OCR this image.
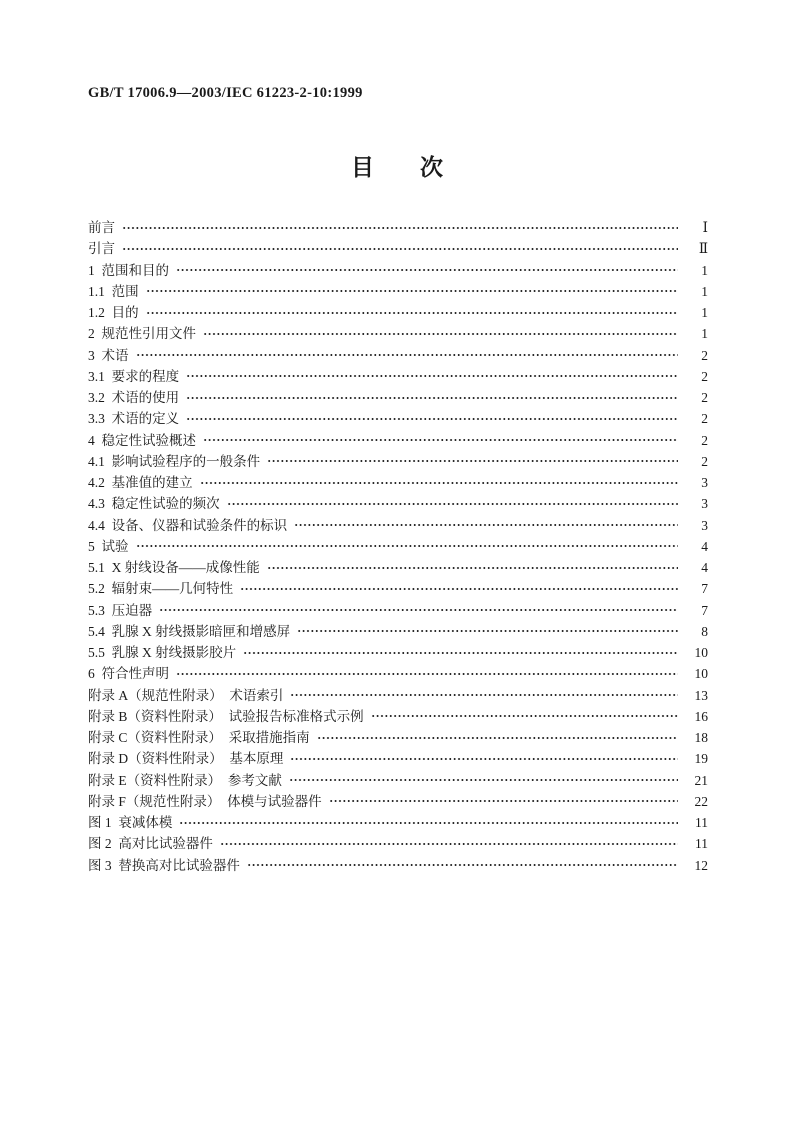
GB/T 17006.9—2003/IEC 61223-2-10:1999
目　　次
前言	Ⅰ
引言	Ⅱ
1  范围和目的	1
1.1  范围	1
1.2  目的	1
2  规范性引用文件	1
3  术语	2
3.1  要求的程度	2
3.2  术语的使用	2
3.3  术语的定义	2
4  稳定性试验概述	2
4.1  影响试验程序的一般条件	2
4.2  基准值的建立	3
4.3  稳定性试验的频次	3
4.4  设备、仪器和试验条件的标识	3
5  试验	4
5.1  X 射线设备——成像性能	4
5.2  辐射束——几何特性	7
5.3  压迫器	7
5.4  乳腺 X 射线摄影暗匣和增感屏	8
5.5  乳腺 X 射线摄影胶片	10
6  符合性声明	10
附录 A（规范性附录）　术语索引	13
附录 B（资料性附录）　试验报告标准格式示例	16
附录 C（资料性附录）　采取措施指南	18
附录 D（资料性附录）　基本原理	19
附录 E（资料性附录）　参考文献	21
附录 F（规范性附录）　体模与试验器件	22
图 1  衰减体模	11
图 2  高对比试验器件	11
图 3  替换高对比试验器件	12
